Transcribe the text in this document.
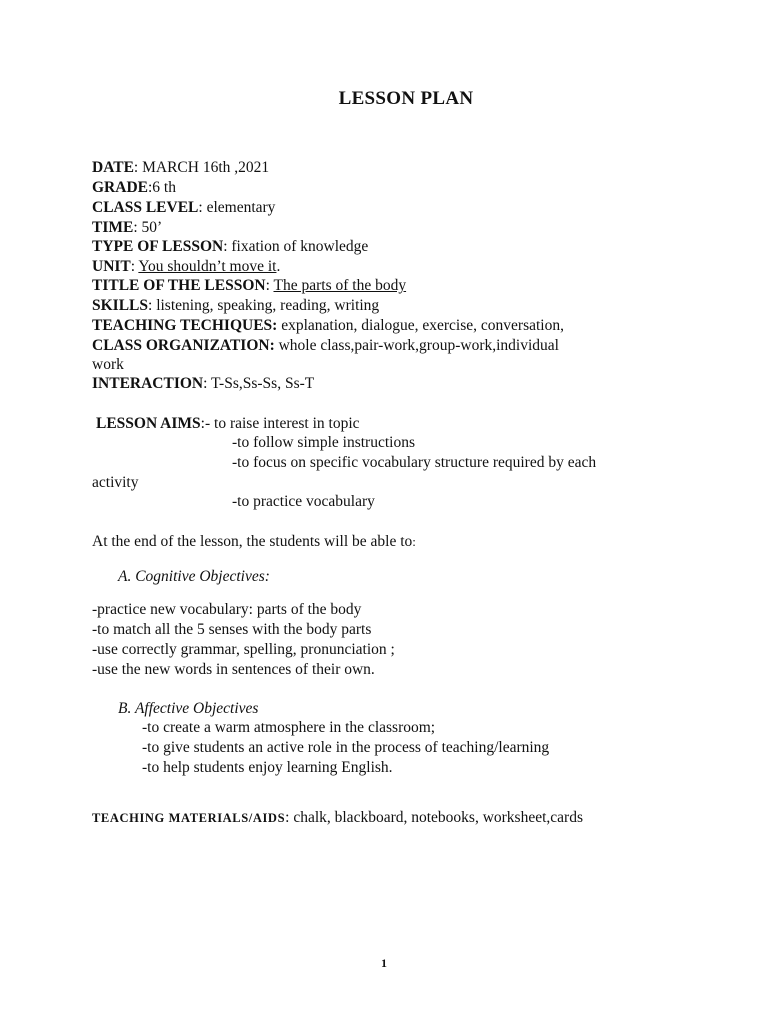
LESSON PLAN
DATE: MARCH 16th ,2021
GRADE:6 th
CLASS LEVEL: elementary
TIME: 50’
TYPE OF LESSON: fixation of knowledge
UNIT: You shouldn’t move it.
TITLE OF THE LESSON: The parts of the body
SKILLS: listening, speaking, reading, writing
TEACHING TECHIQUES: explanation, dialogue, exercise, conversation,
CLASS ORGANIZATION: whole class,pair-work,group-work,individual
work
INTERACTION: T-Ss,Ss-Ss, Ss-T
LESSON AIMS:- to raise interest in topic
-to follow simple instructions
-to focus on specific vocabulary structure required by each
activity
-to practice vocabulary
At the end of the lesson, the students will be able to:
A. Cognitive Objectives:
-practice new vocabulary: parts of the body
-to match all the 5 senses with the body parts
-use correctly grammar, spelling, pronunciation ;
-use the new words in sentences of their own.
B. Affective Objectives
-to create a warm atmosphere in the classroom;
-to give students an active role in the process of teaching/learning
-to help students enjoy learning English.
TEACHING MATERIALS/AIDS: chalk, blackboard, notebooks, worksheet,cards
1
